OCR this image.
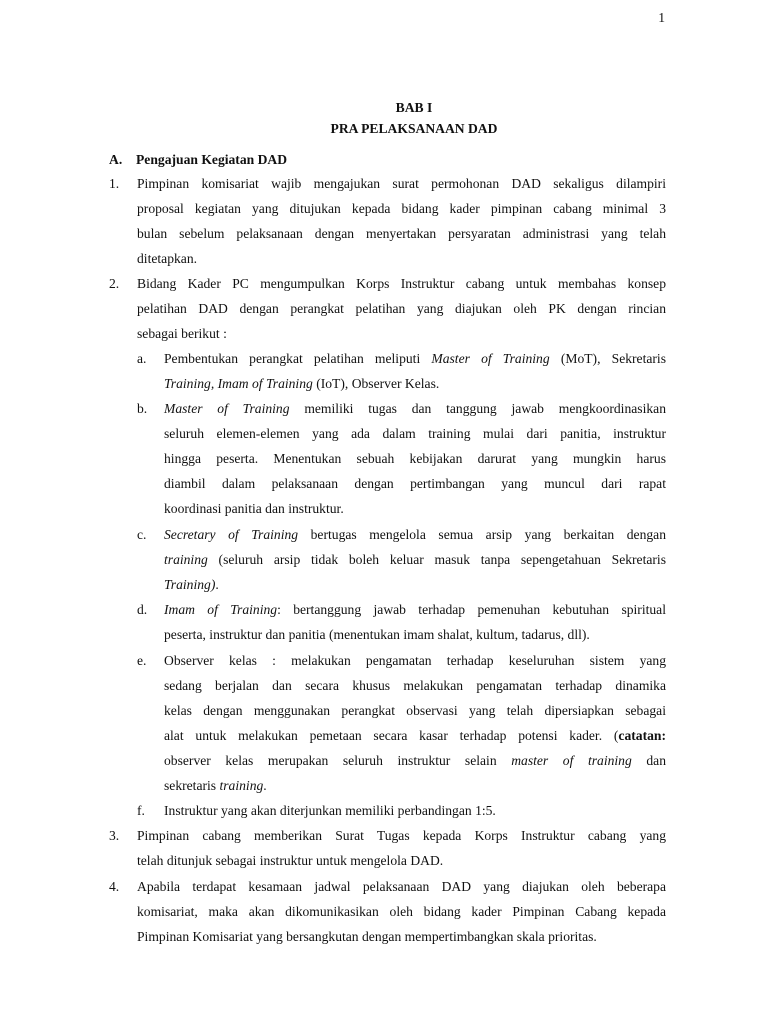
1
BAB I
PRA PELAKSANAAN DAD
A. Pengajuan Kegiatan DAD
1. Pimpinan komisariat wajib mengajukan surat permohonan DAD sekaligus dilampiri
proposal kegiatan yang ditujukan kepada bidang kader pimpinan cabang minimal 3
bulan sebelum pelaksanaan dengan menyertakan persyaratan administrasi yang telah
ditetapkan.
2. Bidang Kader PC mengumpulkan Korps Instruktur cabang untuk membahas konsep
pelatihan DAD dengan perangkat pelatihan yang diajukan oleh PK dengan rincian
sebagai berikut :
a. Pembentukan perangkat pelatihan meliputi Master of Training (MoT), Sekretaris
Training, Imam of Training (IoT), Observer Kelas.
b. Master of Training memiliki tugas dan tanggung jawab mengkoordinasikan
seluruh elemen-elemen yang ada dalam training mulai dari panitia, instruktur
hingga peserta. Menentukan sebuah kebijakan darurat yang mungkin harus
diambil dalam pelaksanaan dengan pertimbangan yang muncul dari rapat
koordinasi panitia dan instruktur.
c. Secretary of Training bertugas mengelola semua arsip yang berkaitan dengan
training (seluruh arsip tidak boleh keluar masuk tanpa sepengetahuan Sekretaris
Training).
d. Imam of Training: bertanggung jawab terhadap pemenuhan kebutuhan spiritual
peserta, instruktur dan panitia (menentukan imam shalat, kultum, tadarus, dll).
e. Observer kelas : melakukan pengamatan terhadap keseluruhan sistem yang
sedang berjalan dan secara khusus melakukan pengamatan terhadap dinamika
kelas dengan menggunakan perangkat observasi yang telah dipersiapkan sebagai
alat untuk melakukan pemetaan secara kasar terhadap potensi kader. (catatan:
observer kelas merupakan seluruh instruktur selain master of training dan
sekretaris training.
f. Instruktur yang akan diterjunkan memiliki perbandingan 1:5.
3. Pimpinan cabang memberikan Surat Tugas kepada Korps Instruktur cabang yang
telah ditunjuk sebagai instruktur untuk mengelola DAD.
4. Apabila terdapat kesamaan jadwal pelaksanaan DAD yang diajukan oleh beberapa
komisariat, maka akan dikomunikasikan oleh bidang kader Pimpinan Cabang kepada
Pimpinan Komisariat yang bersangkutan dengan mempertimbangkan skala prioritas.
